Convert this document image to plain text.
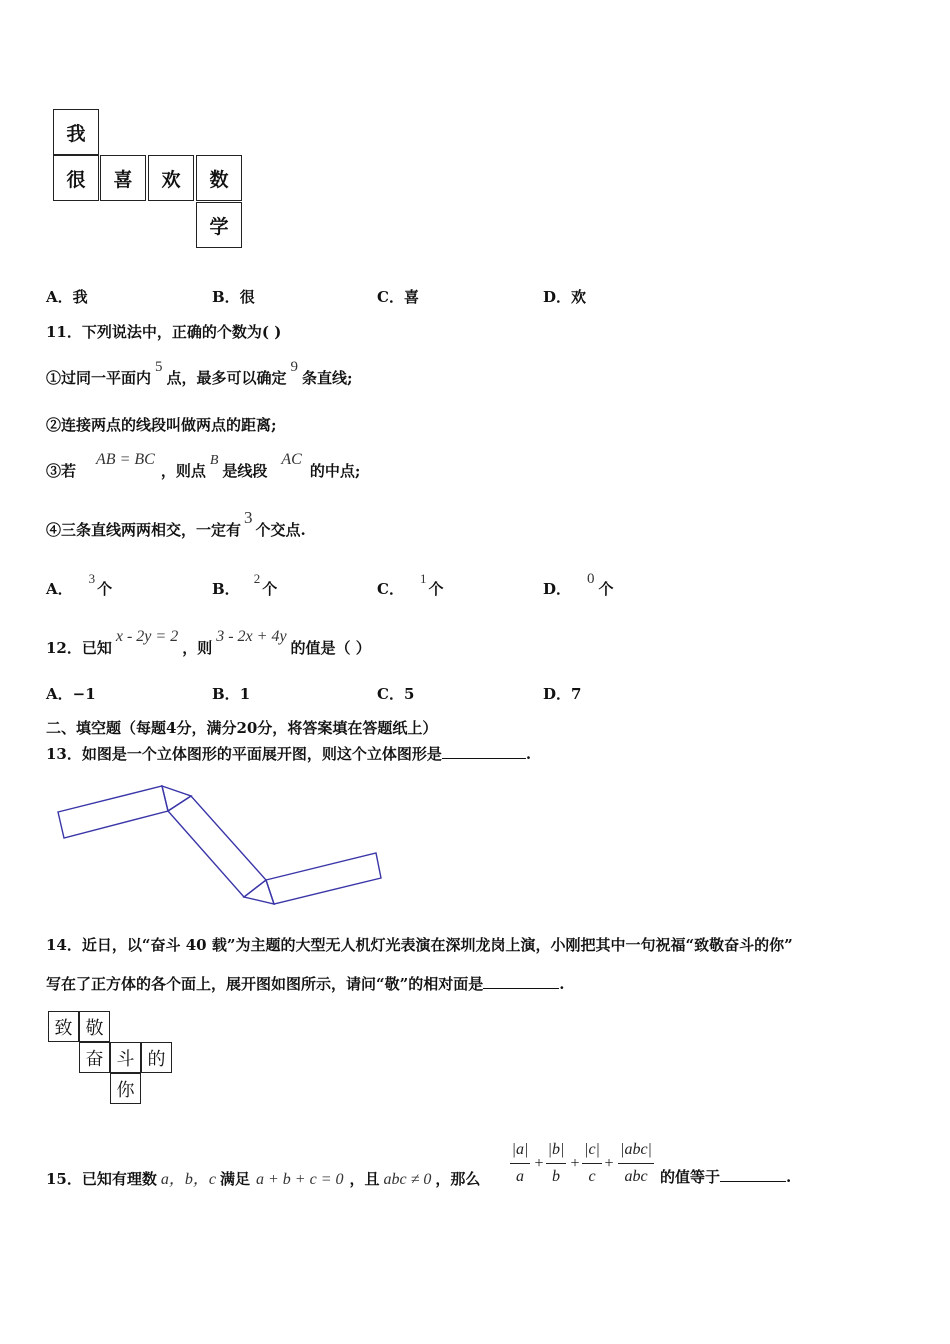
我
很	喜	欢	数
学
A．我	B．很	C．喜	D．欢
11．下列说法中，正确的个数为( )
①过同一平面内5点，最多可以确定9条直线;
②连接两点的线段叫做两点的距离;
③若AB = BC，则点B是线段AC的中点;
④三条直线两两相交，一定有3个交点.
A．3个	B．2个	C．1个	D．0个
12．已知x - 2y = 2，则3 - 2x + 4y的值是（ ）
A．−1	B．1	C．5	D．7
二、填空题（每题4分，满分20分，将答案填在答题纸上）
13．如图是一个立体图形的平面展开图，则这个立体图形是	.
14．近日，以“奋斗 40 载”为主题的大型无人机灯光表演在深圳龙岗上演，小刚把其中一句祝福“致敬奋斗的你”
写在了正方体的各个面上，展开图如图所示，请问“敬”的相对面是	.
致 敬
奋 斗 的
你
15．已知有理数 a，b，c 满足 a + b + c = 0 ，且 abc ≠ 0 ，那么
|a|
a
+
|b|
b
+
|c|
c
+
|abc|
abc 的值等于	.
